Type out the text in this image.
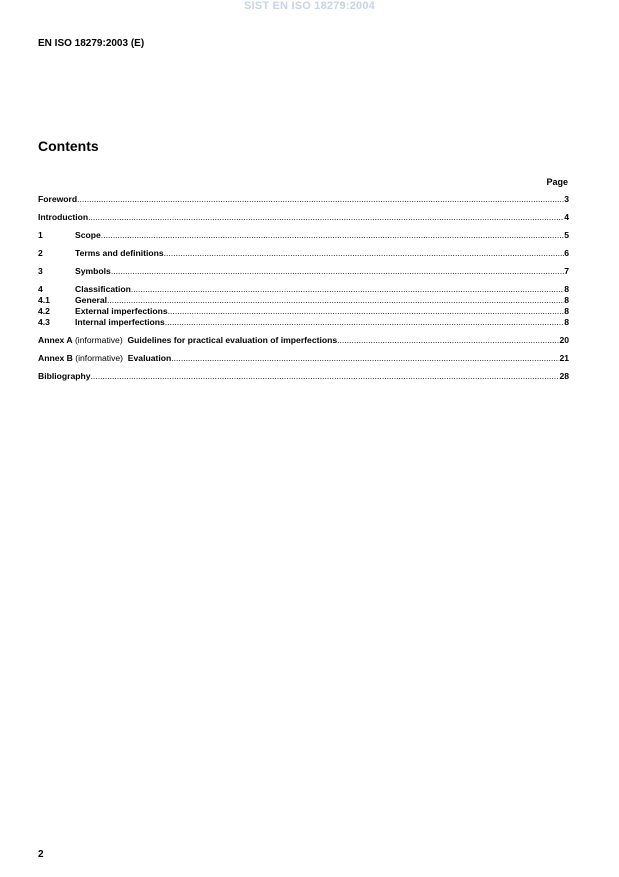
SIST EN ISO 18279:2004
EN ISO 18279:2003 (E)
Contents
Page
Foreword .....	3
Introduction .....	4
1	Scope .....	5
2	Terms and definitions .....	6
3	Symbols .....	7
4	Classification .....	8
4.1	General .....	8
4.2	External imperfections .....	8
4.3	Internal imperfections .....	8
Annex A (informative) Guidelines for practical evaluation of imperfections .....	20
Annex B (informative) Evaluation .....	21
Bibliography .....	28
2
